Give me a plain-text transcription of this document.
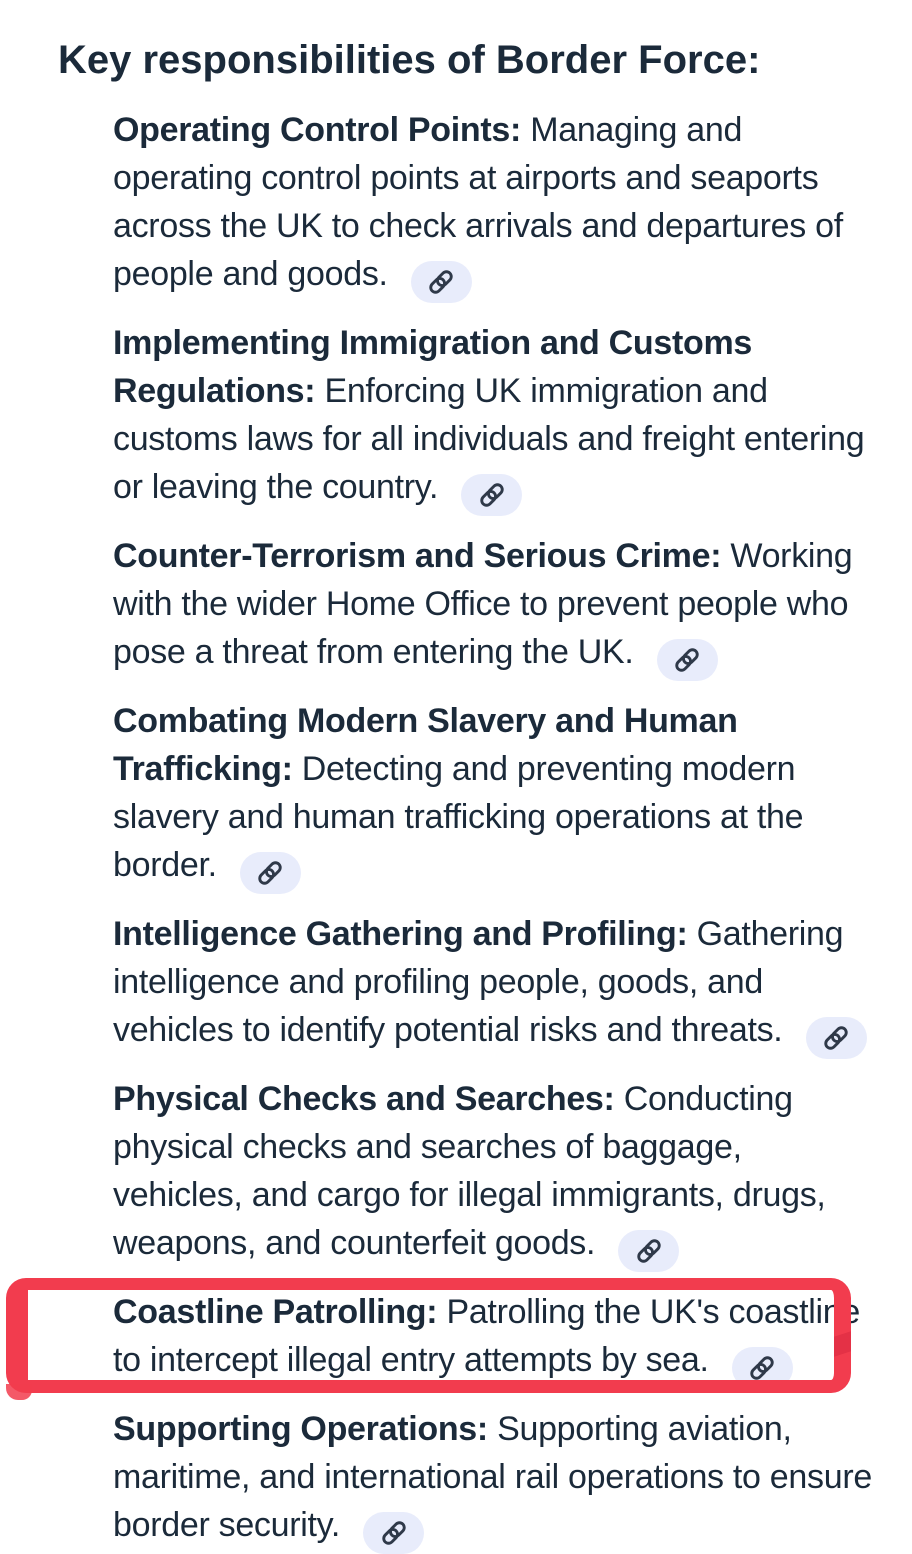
Key responsibilities of Border Force:
Operating Control Points: Managing and
operating control points at airports and seaports
across the UK to check arrivals and departures of
people and goods.
Implementing Immigration and Customs
Regulations: Enforcing UK immigration and
customs laws for all individuals and freight entering
or leaving the country.
Counter-Terrorism and Serious Crime: Working
with the wider Home Office to prevent people who
pose a threat from entering the UK.
Combating Modern Slavery and Human
Trafficking: Detecting and preventing modern
slavery and human trafficking operations at the
border.
Intelligence Gathering and Profiling: Gathering
intelligence and profiling people, goods, and
vehicles to identify potential risks and threats.
Physical Checks and Searches: Conducting
physical checks and searches of baggage,
vehicles, and cargo for illegal immigrants, drugs,
weapons, and counterfeit goods.
Coastline Patrolling: Patrolling the UK's coastline
to intercept illegal entry attempts by sea.
Supporting Operations: Supporting aviation,
maritime, and international rail operations to ensure
border security.
